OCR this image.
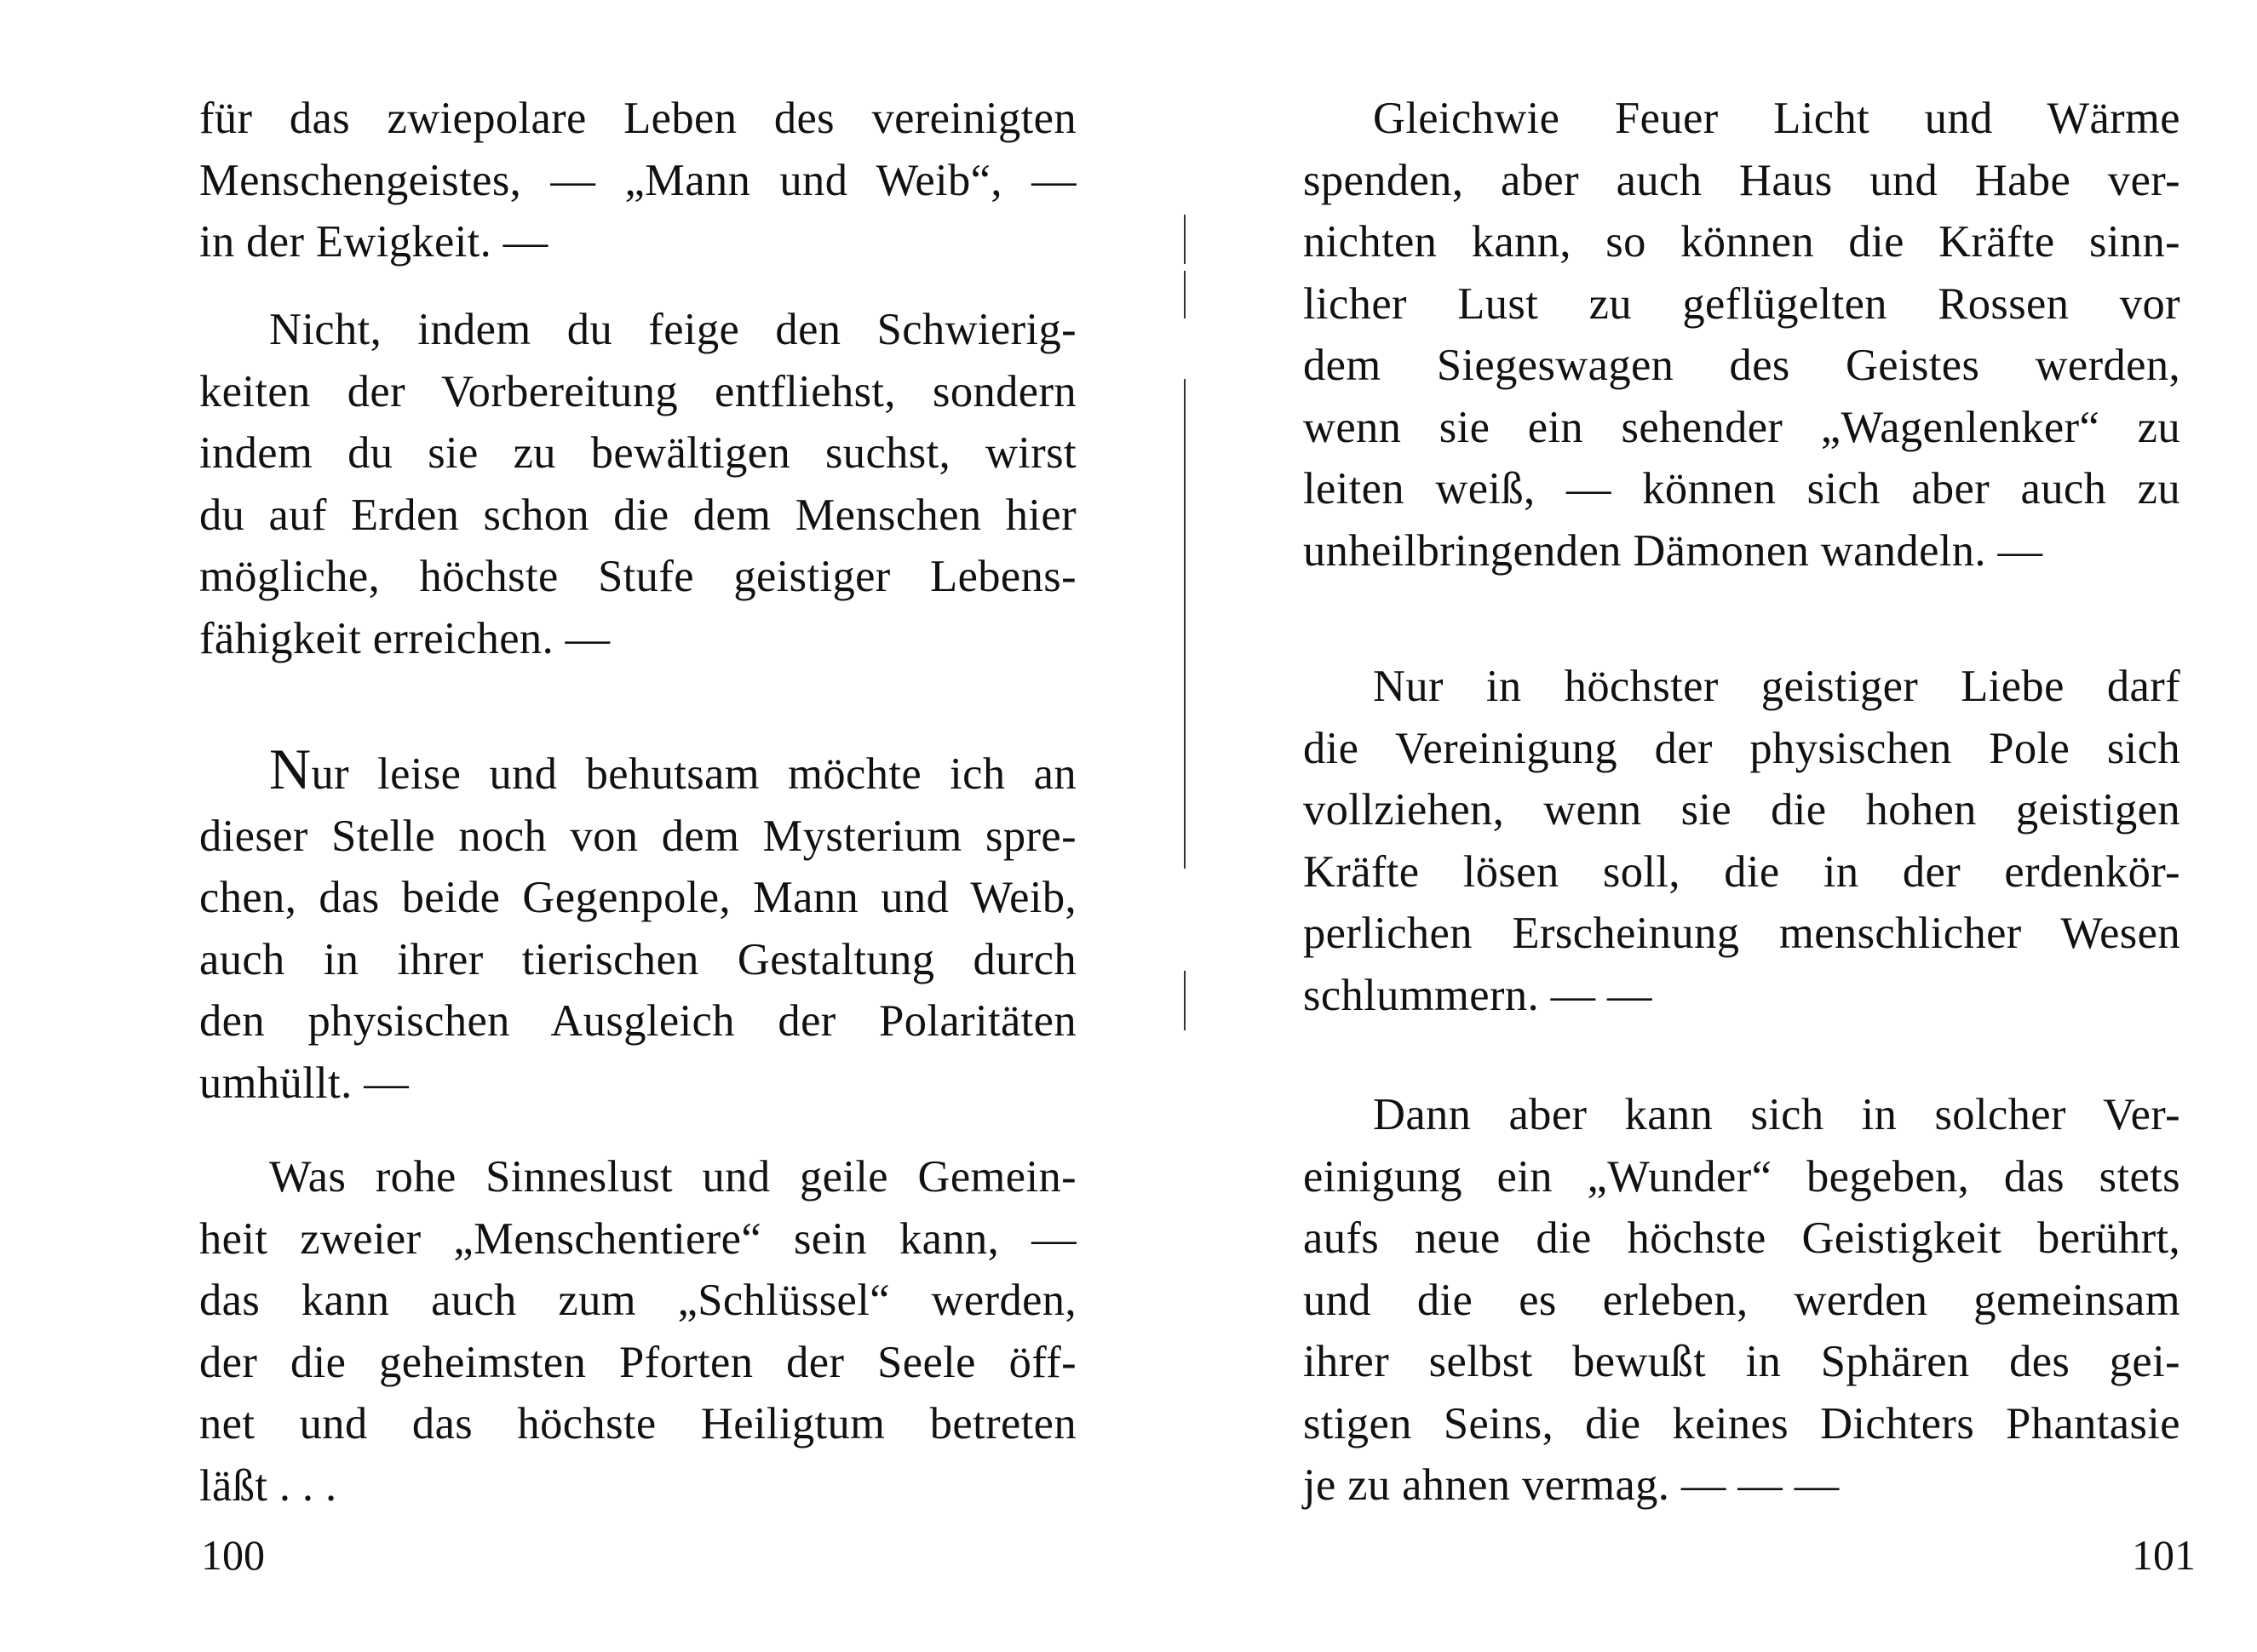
für das zwiepolare Leben des vereinigten
Menschengeistes, — „Mann und Weib“, —
in der Ewigkeit. —
Nicht, indem du feige den Schwierig-
keiten der Vorbereitung entfliehst, sondern
indem du sie zu bewältigen suchst, wirst
du auf Erden schon die dem Menschen hier
mögliche, höchste Stufe geistiger Lebens-
fähigkeit erreichen. —
Nur leise und behutsam möchte ich an
dieser Stelle noch von dem Mysterium spre-
chen, das beide Gegenpole, Mann und Weib,
auch in ihrer tierischen Gestaltung durch
den physischen Ausgleich der Polaritäten
umhüllt. —
Was rohe Sinneslust und geile Gemein-
heit zweier „Menschentiere“ sein kann, —
das kann auch zum „Schlüssel“ werden,
der die geheimsten Pforten der Seele öff-
net und das höchste Heiligtum betreten
läßt . . .
100
Gleichwie Feuer Licht und Wärme
spenden, aber auch Haus und Habe ver-
nichten kann, so können die Kräfte sinn-
licher Lust zu geflügelten Rossen vor
dem Siegeswagen des Geistes werden,
wenn sie ein sehender „Wagenlenker“ zu
leiten weiß, — können sich aber auch zu
unheilbringenden Dämonen wandeln. —
Nur in höchster geistiger Liebe darf
die Vereinigung der physischen Pole sich
vollziehen, wenn sie die hohen geistigen
Kräfte lösen soll, die in der erdenkör-
perlichen Erscheinung menschlicher Wesen
schlummern. — —
Dann aber kann sich in solcher Ver-
einigung ein „Wunder“ begeben, das stets
aufs neue die höchste Geistigkeit berührt,
und die es erleben, werden gemeinsam
ihrer selbst bewußt in Sphären des gei-
stigen Seins, die keines Dichters Phantasie
je zu ahnen vermag. — — —
101
